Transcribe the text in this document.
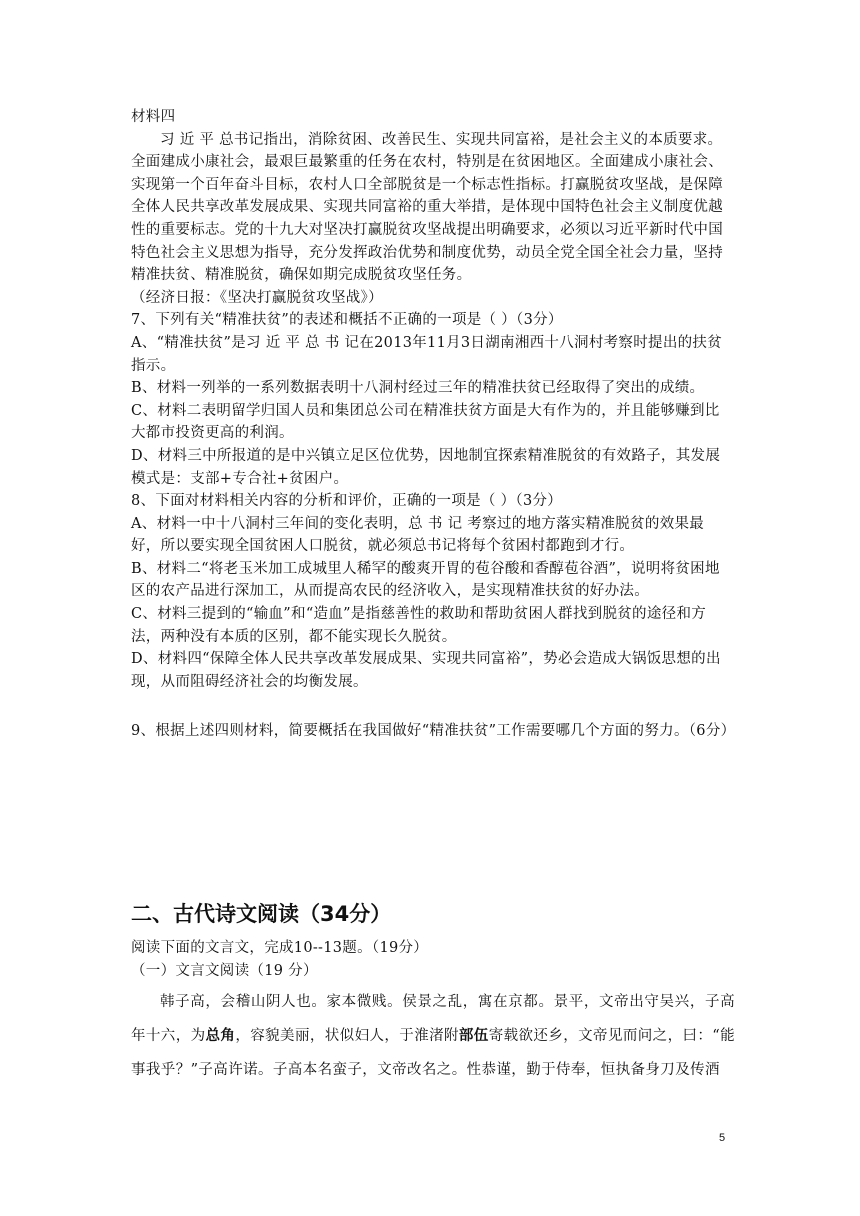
材料四

习 近 平 总书记指出，消除贫困、改善民生、实现共同富裕，是社会主义的本质要求。全面建成小康社会，最艰巨最繁重的任务在农村，特别是在贫困地区。全面建成小康社会、实现第一个百年奋斗目标，农村人口全部脱贫是一个标志性指标。打赢脱贫攻坚战，是保障全体人民共享改革发展成果、实现共同富裕的重大举措，是体现中国特色社会主义制度优越性的重要标志。党的十九大对坚决打赢脱贫攻坚战提出明确要求，必须以习近平新时代中国特色社会主义思想为指导，充分发挥政治优势和制度优势，动员全党全国全社会力量，坚持精准扶贫、精准脱贫，确保如期完成脱贫攻坚任务。

（经济日报：《坚决打赢脱贫攻坚战》）

7、下列有关“精准扶贫”的表述和概括不正确的一项是（ ）（3分）

A、“精准扶贫”是习 近 平 总 书 记在2013年11月3日湖南湘西十八洞村考察时提出的扶贫指示。

B、材料一列举的一系列数据表明十八洞村经过三年的精准扶贫已经取得了突出的成绩。

C、材料二表明留学归国人员和集团总公司在精准扶贫方面是大有作为的，并且能够赚到比大都市投资更高的利润。

D、材料三中所报道的是中兴镇立足区位优势，因地制宜探索精准脱贫的有效路子，其发展模式是：支部+专合社+贫困户。

8、下面对材料相关内容的分析和评价，正确的一项是（ ）（3分）

A、材料一中十八洞村三年间的变化表明，总 书 记 考察过的地方落实精准脱贫的效果最好，所以要实现全国贫困人口脱贫，就必须总书记将每个贫困村都跑到才行。

B、材料二“将老玉米加工成城里人稀罕的酸爽开胃的苞谷酸和香醇苞谷酒”，说明将贫困地区的农产品进行深加工，从而提高农民的经济收入，是实现精准扶贫的好办法。

C、材料三提到的“输血”和“造血”是指慈善性的救助和帮助贫困人群找到脱贫的途径和方法，两种没有本质的区别，都不能实现长久脱贫。

D、材料四“保障全体人民共享改革发展成果、实现共同富裕”，势必会造成大锅饭思想的出现，从而阻碍经济社会的均衡发展。

9、根据上述四则材料，简要概括在我国做好“精准扶贫”工作需要哪几个方面的努力。（6分）

二、古代诗文阅读（34分）

阅读下面的文言文，完成10--13题。（19分）

（一）文言文阅读（19 分）

韩子高，会稽山阴人也。家本微贱。侯景之乱，寓在京都。景平，文帝出守吴兴，子高年十六，为总角，容貌美丽，状似妇人，于淮渚附部伍寄载欲还乡，文帝见而问之，曰：“能事我乎？”子高许诺。子高本名蛮子，文帝改名之。性恭谨，勤于侍奉，恒执备身刀及传酒

5
